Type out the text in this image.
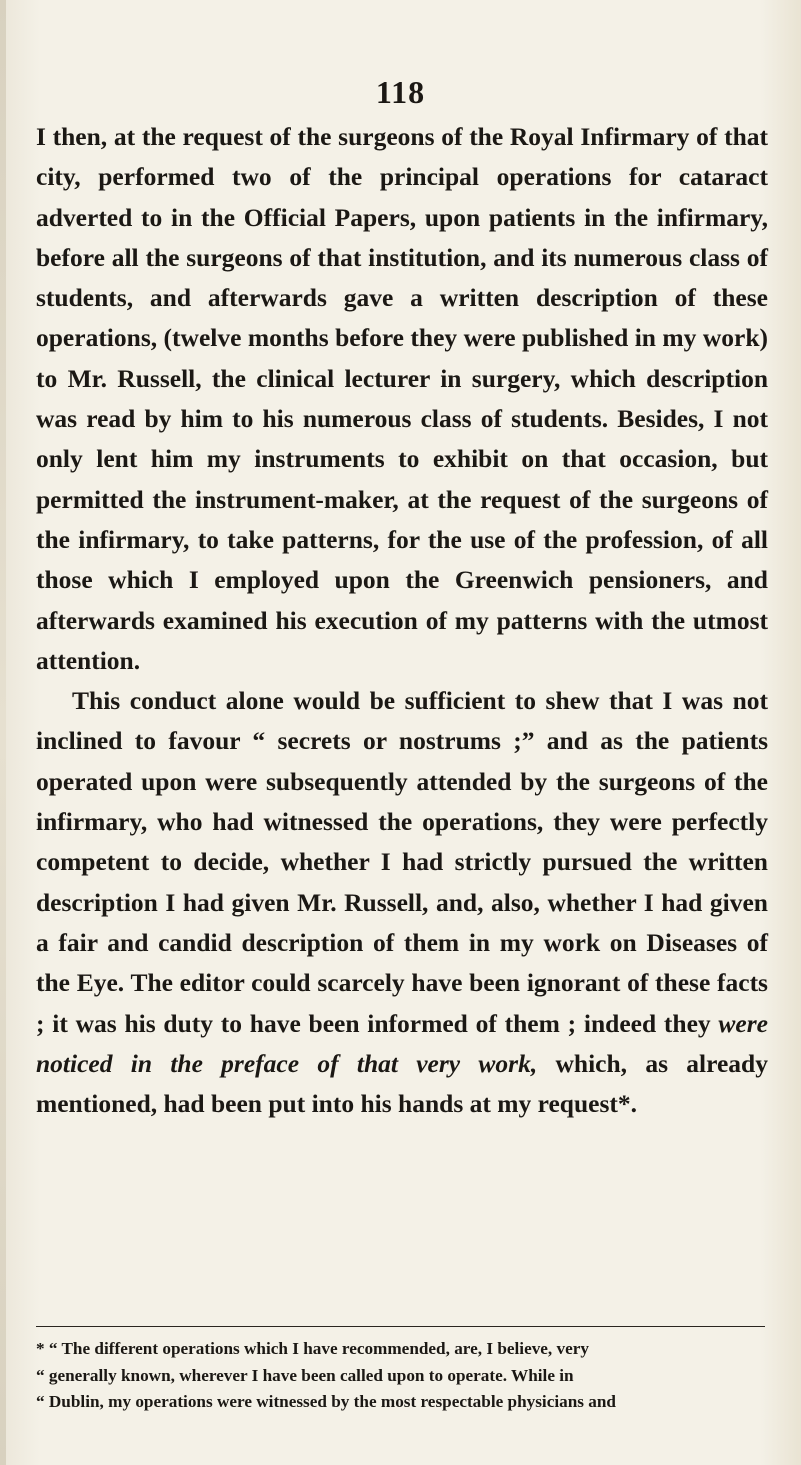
118

I then, at the request of the surgeons of the Royal Infirmary of that city, performed two of the principal operations for cataract adverted to in the Official Papers, upon patients in the infirmary, before all the surgeons of that institution, and its numerous class of students, and afterwards gave a written description of these operations, (twelve months before they were published in my work) to Mr. Russell, the clinical lecturer in surgery, which description was read by him to his numerous class of students. Besides, I not only lent him my instruments to exhibit on that occasion, but permitted the instrument-maker, at the request of the surgeons of the infirmary, to take patterns, for the use of the profession, of all those which I employed upon the Greenwich pensioners, and afterwards examined his execution of my patterns with the utmost attention.

This conduct alone would be sufficient to shew that I was not inclined to favour “ secrets or nostrums ;” and as the patients operated upon were subsequently attended by the surgeons of the infirmary, who had witnessed the operations, they were perfectly competent to decide, whether I had strictly pursued the written description I had given Mr. Russell, and, also, whether I had given a fair and candid description of them in my work on Diseases of the Eye. The editor could scarcely have been ignorant of these facts ; it was his duty to have been informed of them ; indeed they were noticed in the preface of that very work, which, as already mentioned, had been put into his hands at my request*.

* “ The different operations which I have recommended, are, I believe, very
“ generally known, wherever I have been called upon to operate. While in
“ Dublin, my operations were witnessed by the most respectable physicians and
